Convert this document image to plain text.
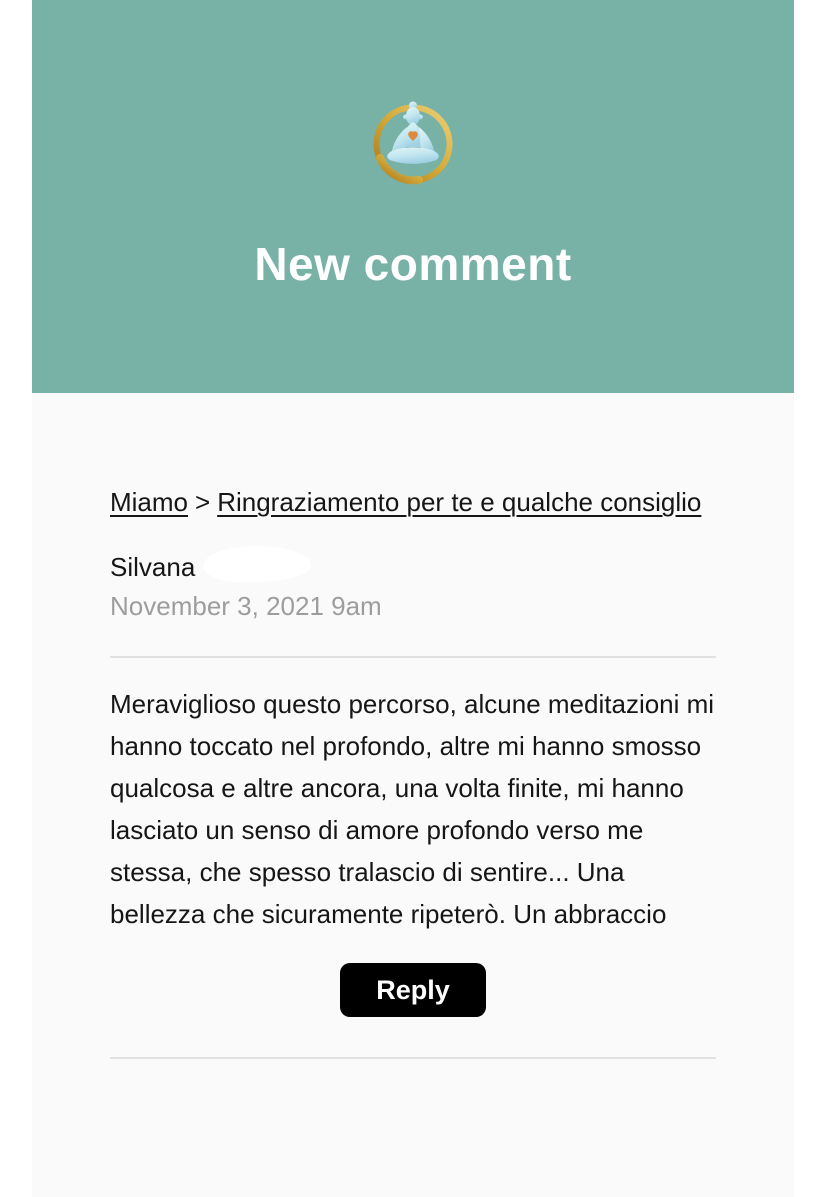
New comment

Miamo > Ringraziamento per te e qualche consiglio

Silvana
November 3, 2021 9am

Meraviglioso questo percorso, alcune meditazioni mi hanno toccato nel profondo, altre mi hanno smosso qualcosa e altre ancora, una volta finite, mi hanno lasciato un senso di amore profondo verso me stessa, che spesso tralascio di sentire... Una bellezza che sicuramente ripeterò. Un abbraccio

Reply
